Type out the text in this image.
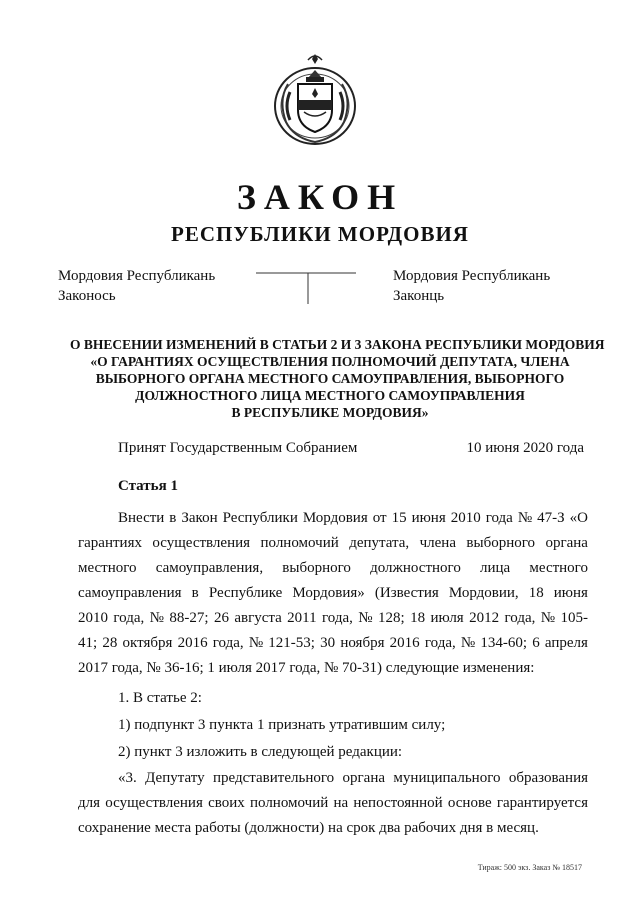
ЗАКОН
РЕСПУБЛИКИ МОРДОВИЯ
Мордовия Республикань
Законось
Мордовия Республикань
Законць
О ВНЕСЕНИИ ИЗМЕНЕНИЙ В СТАТЬИ 2 И 3 ЗАКОНА РЕСПУБЛИКИ МОРДОВИЯ
«О ГАРАНТИЯХ ОСУЩЕСТВЛЕНИЯ ПОЛНОМОЧИЙ ДЕПУТАТА, ЧЛЕНА
ВЫБОРНОГО ОРГАНА МЕСТНОГО САМОУПРАВЛЕНИЯ, ВЫБОРНОГО
ДОЛЖНОСТНОГО ЛИЦА МЕСТНОГО САМОУПРАВЛЕНИЯ
В РЕСПУБЛИКЕ МОРДОВИЯ»
Принят Государственным Собранием	10 июня 2020 года
Статья 1
Внести в Закон Республики Мордовия от 15 июня 2010 года № 47-З «О
гарантиях осуществления полномочий депутата, члена выборного органа
местного самоуправления, выборного должностного лица местного
самоуправления в Республике Мордовия» (Известия Мордовии, 18 июня
2010 года, № 88-27; 26 августа 2011 года, № 128; 18 июля 2012 года, № 105-
41; 28 октября 2016 года, № 121-53; 30 ноября 2016 года, № 134-60; 6 апреля
2017 года, № 36-16; 1 июля 2017 года, № 70-31) следующие изменения:
1. В статье 2:
1) подпункт 3 пункта 1 признать утратившим силу;
2) пункт 3 изложить в следующей редакции:
«3. Депутату представительного органа муниципального образования
для осуществления своих полномочий на непостоянной основе гарантируется
сохранение места работы (должности) на срок два рабочих дня в месяц.
Тираж: 500 экз. Заказ № 18517
